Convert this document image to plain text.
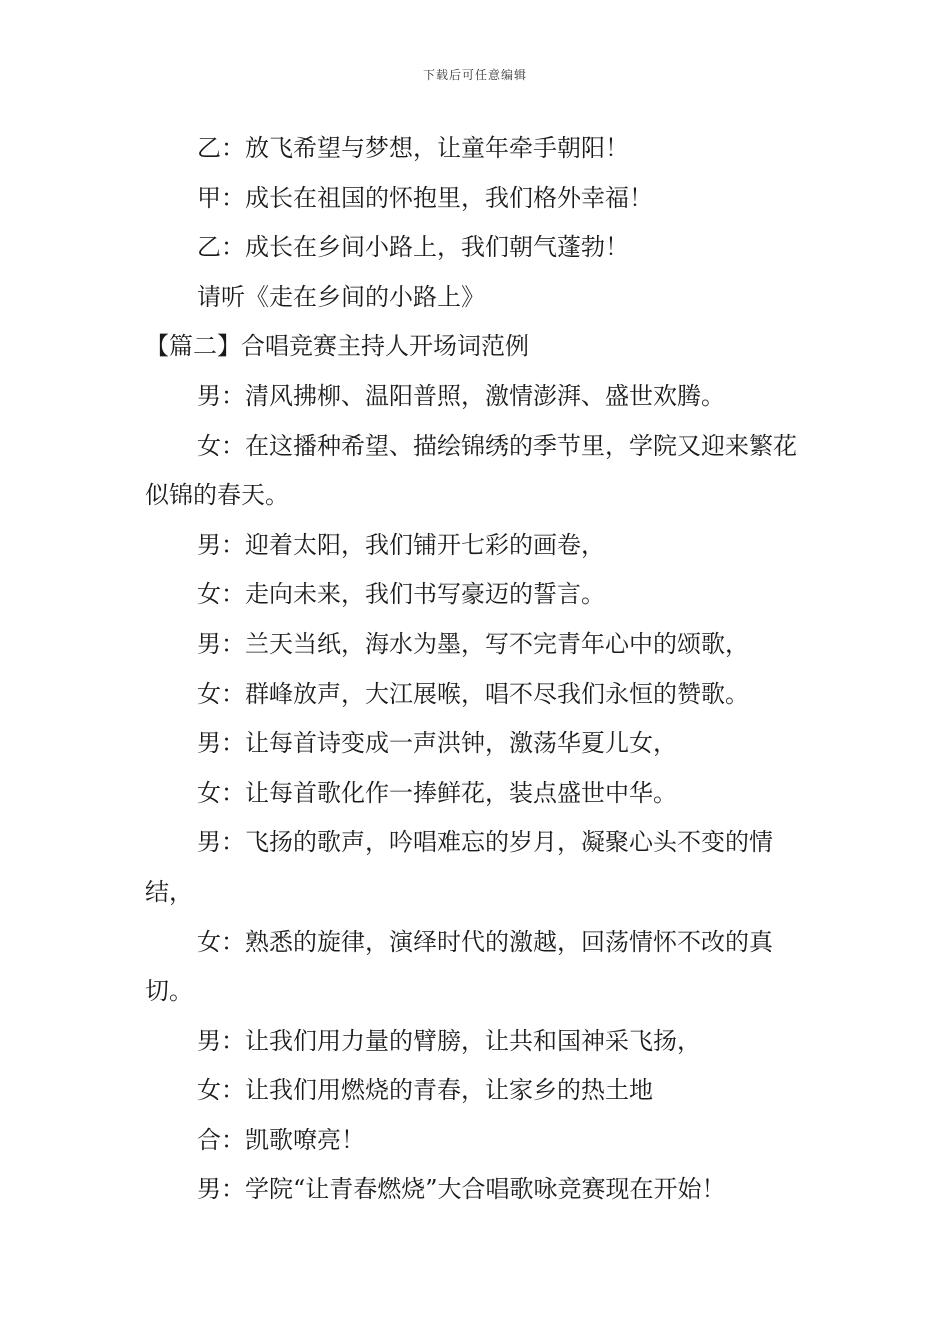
下载后可任意编辑

乙：放飞希望与梦想，让童年牵手朝阳！

甲：成长在祖国的怀抱里，我们格外幸福！

乙：成长在乡间小路上，我们朝气蓬勃！

请听《走在乡间的小路上》

【篇二】合唱竞赛主持人开场词范例

男：清风拂柳、温阳普照，激情澎湃、盛世欢腾。

女：在这播种希望、描绘锦绣的季节里，学院又迎来繁花似锦的春天。

男：迎着太阳，我们铺开七彩的画卷，

女：走向未来，我们书写豪迈的誓言。

男：兰天当纸，海水为墨，写不完青年心中的颂歌，

女：群峰放声，大江展喉，唱不尽我们永恒的赞歌。

男：让每首诗变成一声洪钟，激荡华夏儿女，

女：让每首歌化作一捧鲜花，装点盛世中华。

男：飞扬的歌声，吟唱难忘的岁月，凝聚心头不变的情结，

女：熟悉的旋律，演绎时代的激越，回荡情怀不改的真切。

男：让我们用力量的臂膀，让共和国神采飞扬，

女：让我们用燃烧的青春，让家乡的热土地

合：凯歌嘹亮！

男：学院“让青春燃烧”大合唱歌咏竞赛现在开始！
